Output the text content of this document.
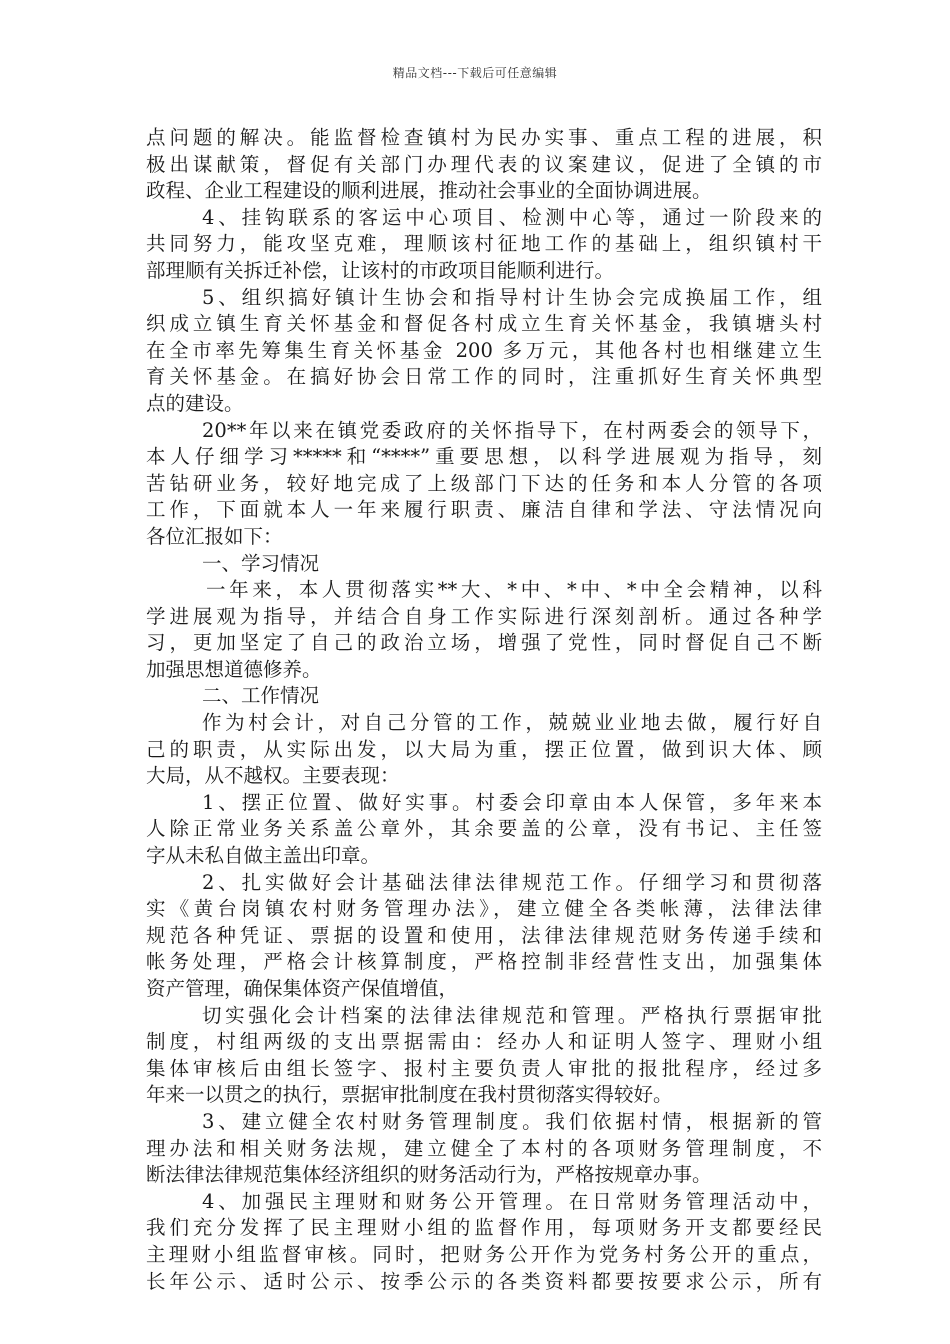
精品文档---下载后可任意编辑
点问题的解决。能监督检查镇村为民办实事、重点工程的进展，积
极出谋献策，督促有关部门办理代表的议案建议，促进了全镇的市
政程、企业工程建设的顺利进展，推动社会事业的全面协调进展。
4、挂钩联系的客运中心项目、检测中心等，通过一阶段来的
共同努力，能攻坚克难，理顺该村征地工作的基础上，组织镇村干
部理顺有关拆迁补偿，让该村的市政项目能顺利进行。
5、组织搞好镇计生协会和指导村计生协会完成换届工作，组
织成立镇生育关怀基金和督促各村成立生育关怀基金，我镇塘头村
在全市率先筹集生育关怀基金 200 多万元，其他各村也相继建立生
育关怀基金。在搞好协会日常工作的同时，注重抓好生育关怀典型
点的建设。
20**年以来在镇党委政府的关怀指导下，在村两委会的领导下，
本人仔细学习*****和“****”重要思想，以科学进展观为指导，刻
苦钻研业务，较好地完成了上级部门下达的任务和本人分管的各项
工作，下面就本人一年来履行职责、廉洁自律和学法、守法情况向
各位汇报如下：
一、学习情况
一年来，本人贯彻落实**大、*中、*中、*中全会精神，以科
学进展观为指导，并结合自身工作实际进行深刻剖析。通过各种学
习，更加坚定了自己的政治立场，增强了党性，同时督促自己不断
加强思想道德修养。
二、工作情况
作为村会计，对自己分管的工作，兢兢业业地去做，履行好自
己的职责，从实际出发，以大局为重，摆正位置，做到识大体、顾
大局，从不越权。主要表现：
1、摆正位置、做好实事。村委会印章由本人保管，多年来本
人除正常业务关系盖公章外，其余要盖的公章，没有书记、主任签
字从未私自做主盖出印章。
2、扎实做好会计基础法律法律规范工作。仔细学习和贯彻落
实《黄台岗镇农村财务管理办法》，建立健全各类帐薄，法律法律
规范各种凭证、票据的设置和使用，法律法律规范财务传递手续和
帐务处理，严格会计核算制度，严格控制非经营性支出，加强集体
资产管理，确保集体资产保值增值，
切实强化会计档案的法律法律规范和管理。严格执行票据审批
制度，村组两级的支出票据需由：经办人和证明人签字、理财小组
集体审核后由组长签字、报村主要负责人审批的报批程序，经过多
年来一以贯之的执行，票据审批制度在我村贯彻落实得较好。
3、建立健全农村财务管理制度。我们依据村情，根据新的管
理办法和相关财务法规，建立健全了本村的各项财务管理制度，不
断法律法律规范集体经济组织的财务活动行为，严格按规章办事。
4、加强民主理财和财务公开管理。在日常财务管理活动中，
我们充分发挥了民主理财小组的监督作用，每项财务开支都要经民
主理财小组监督审核。同时，把财务公开作为党务村务公开的重点，
长年公示、适时公示、按季公示的各类资料都要按要求公示，所有
